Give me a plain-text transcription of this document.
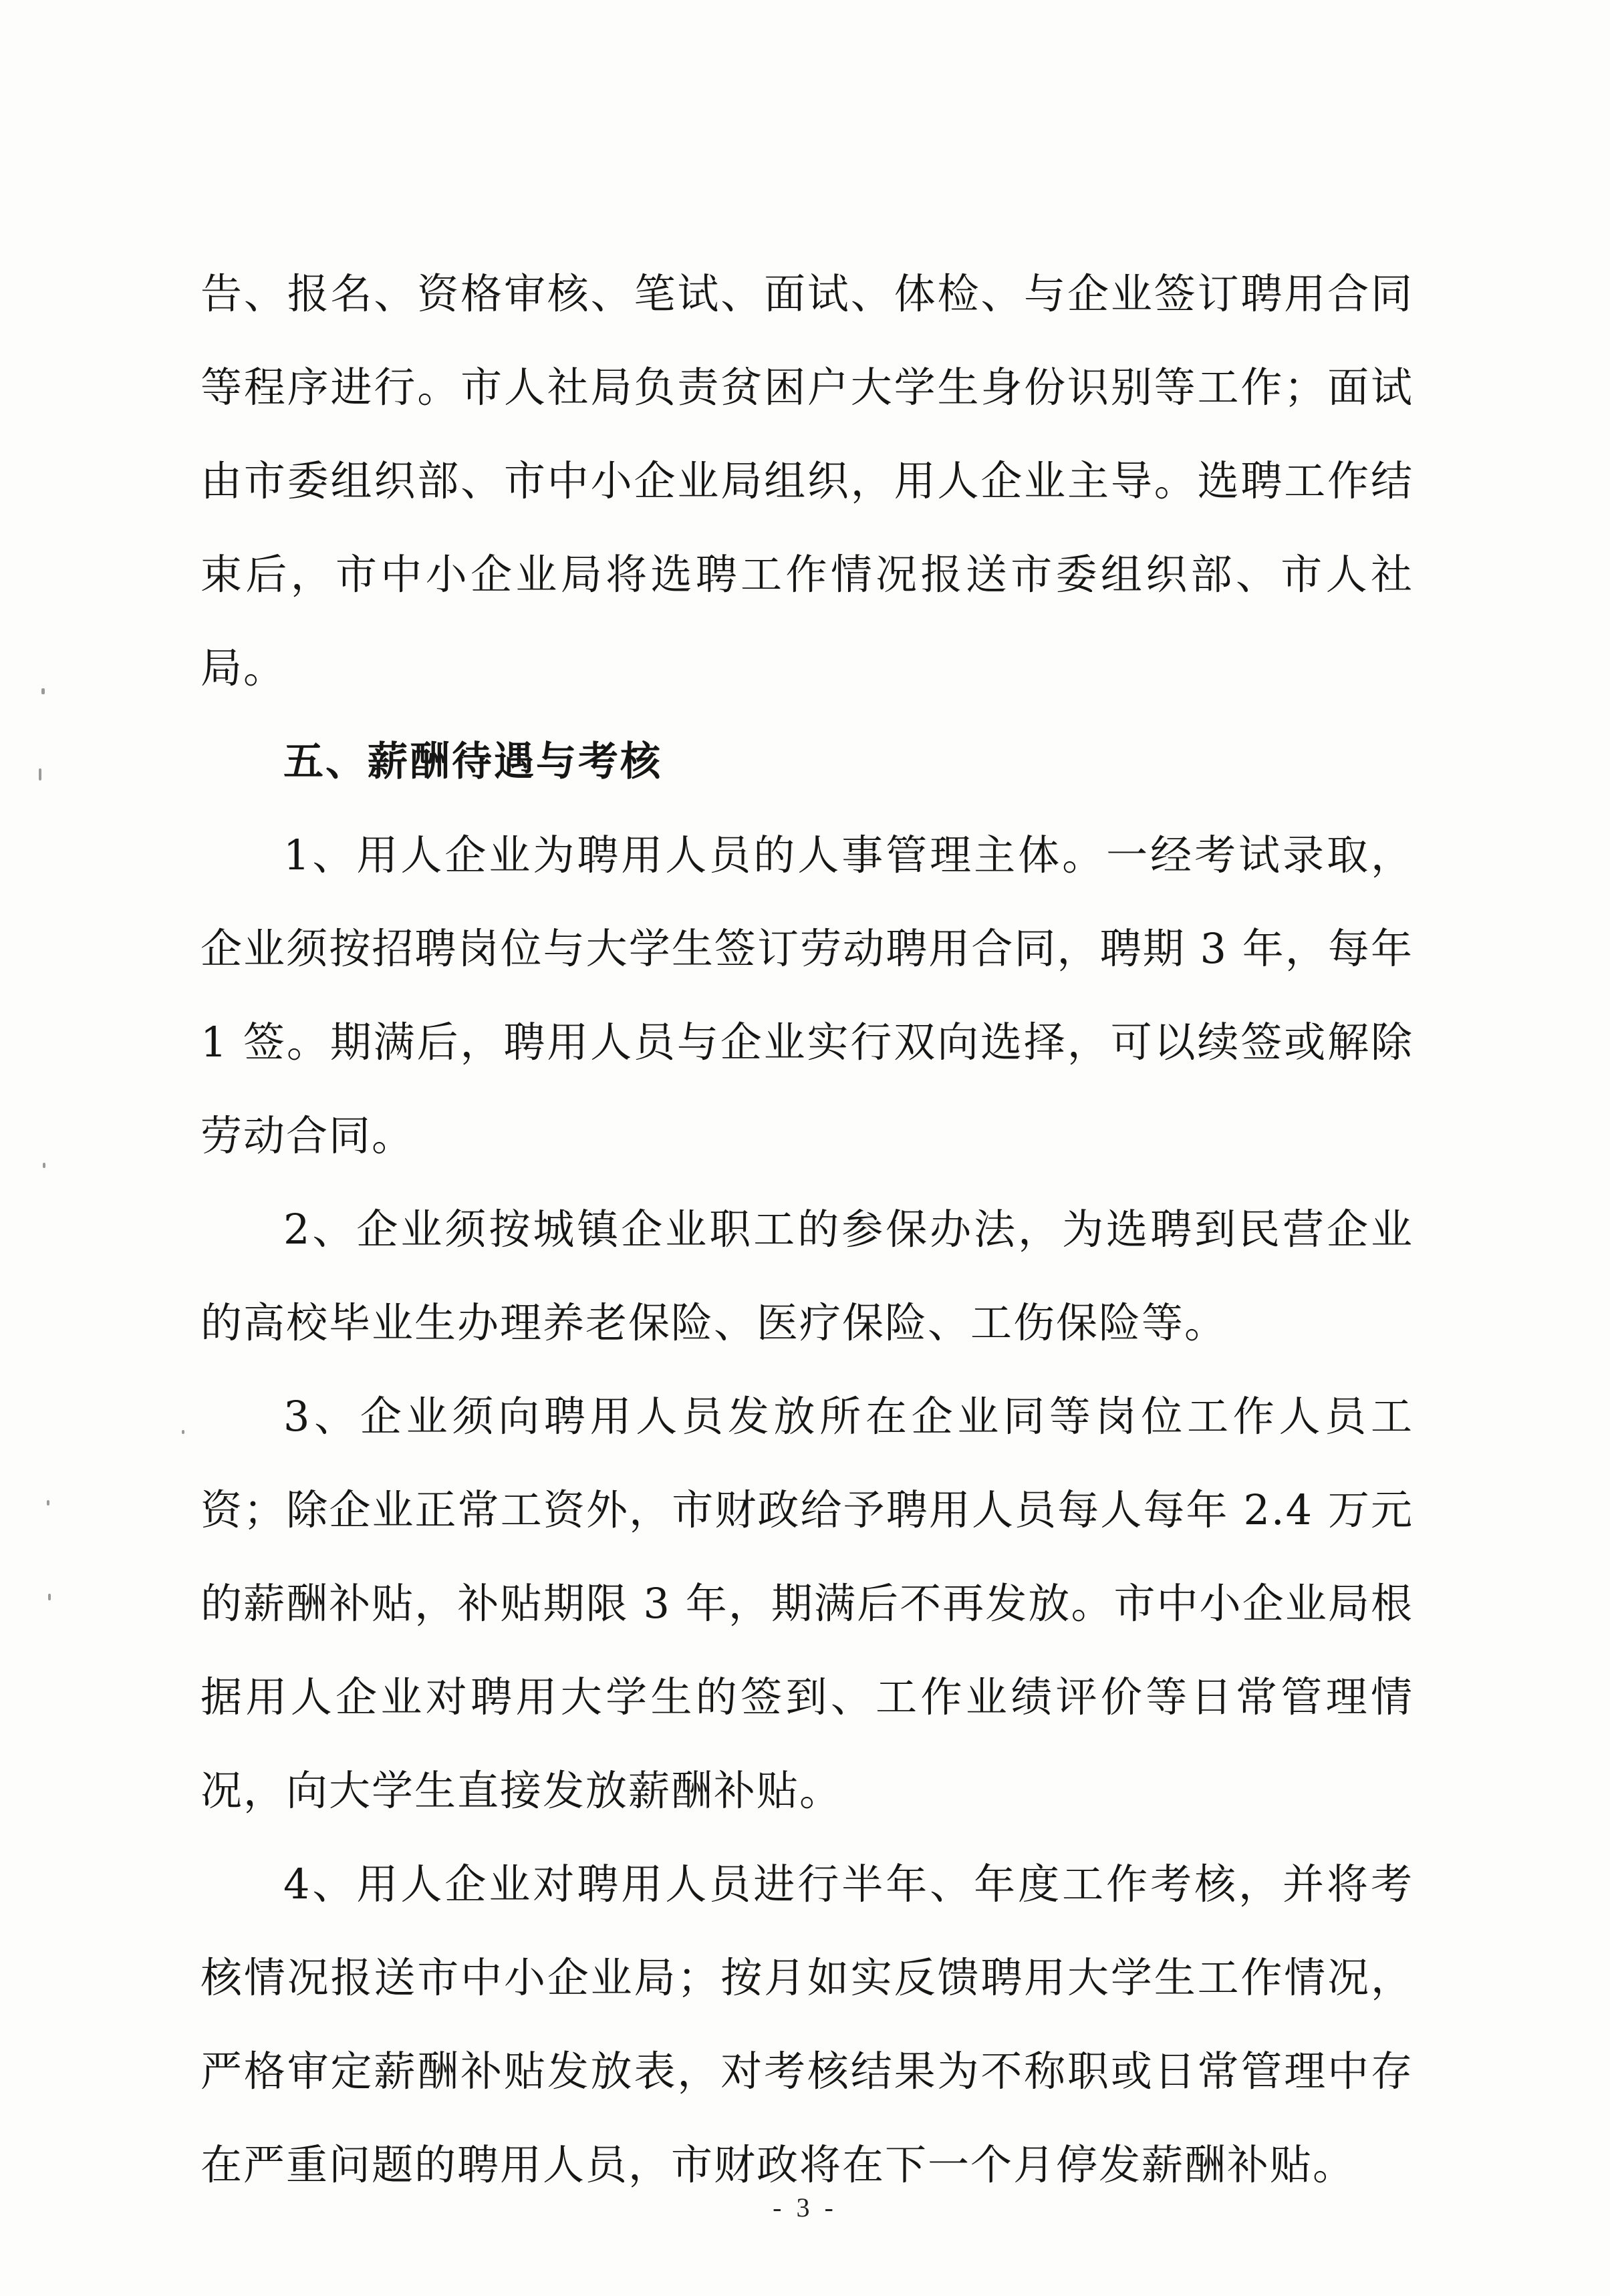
告、报名、资格审核、笔试、面试、体检、与企业签订聘用合同等程序进行。市人社局负责贫困户大学生身份识别等工作；面试由市委组织部、市中小企业局组织，用人企业主导。选聘工作结束后，市中小企业局将选聘工作情况报送市委组织部、市人社局。

五、薪酬待遇与考核

1、用人企业为聘用人员的人事管理主体。一经考试录取，企业须按招聘岗位与大学生签订劳动聘用合同，聘期 3 年，每年 1 签。期满后，聘用人员与企业实行双向选择，可以续签或解除劳动合同。

2、企业须按城镇企业职工的参保办法，为选聘到民营企业的高校毕业生办理养老保险、医疗保险、工伤保险等。

3、企业须向聘用人员发放所在企业同等岗位工作人员工资；除企业正常工资外，市财政给予聘用人员每人每年 2.4 万元的薪酬补贴，补贴期限 3 年，期满后不再发放。市中小企业局根据用人企业对聘用大学生的签到、工作业绩评价等日常管理情况，向大学生直接发放薪酬补贴。

4、用人企业对聘用人员进行半年、年度工作考核，并将考核情况报送市中小企业局；按月如实反馈聘用大学生工作情况，严格审定薪酬补贴发放表，对考核结果为不称职或日常管理中存在严重问题的聘用人员，市财政将在下一个月停发薪酬补贴。

- 3 -
